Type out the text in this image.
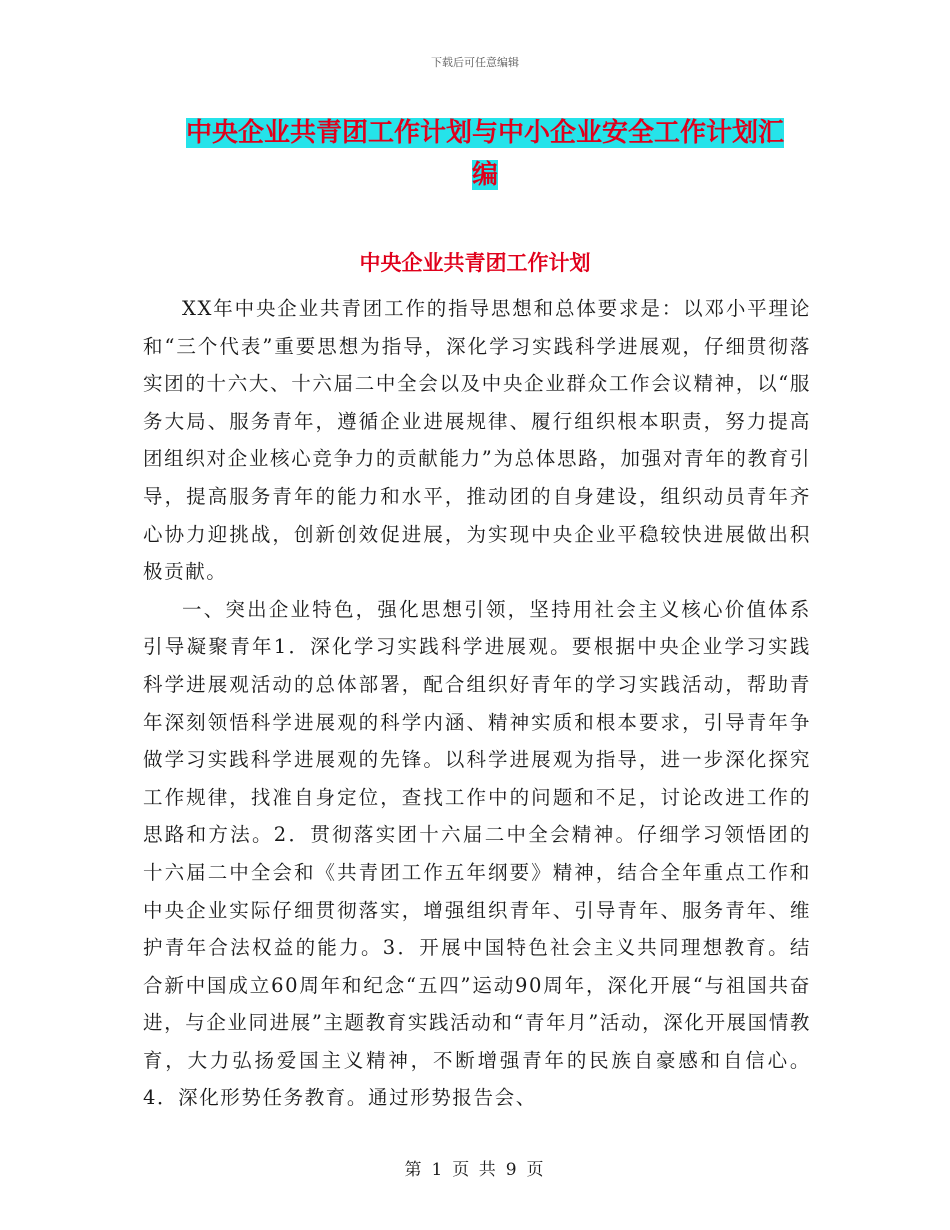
下载后可任意编辑
中央企业共青团工作计划与中小企业安全工作计划汇
编
中央企业共青团工作计划

XX年中央企业共青团工作的指导思想和总体要求是：以邓小平理论和“三个代表”重要思想为指导，深化学习实践科学进展观，仔细贯彻落实团的十六大、十六届二中全会以及中央企业群众工作会议精神，以“服务大局、服务青年，遵循企业进展规律、履行组织根本职责，努力提高团组织对企业核心竞争力的贡献能力”为总体思路，加强对青年的教育引导，提高服务青年的能力和水平，推动团的自身建设，组织动员青年齐心协力迎挑战，创新创效促进展，为实现中央企业平稳较快进展做出积极贡献。

一、突出企业特色，强化思想引领，坚持用社会主义核心价值体系引导凝聚青年1．深化学习实践科学进展观。要根据中央企业学习实践科学进展观活动的总体部署，配合组织好青年的学习实践活动，帮助青年深刻领悟科学进展观的科学内涵、精神实质和根本要求，引导青年争做学习实践科学进展观的先锋。以科学进展观为指导，进一步深化探究工作规律，找准自身定位，查找工作中的问题和不足，讨论改进工作的思路和方法。2．贯彻落实团十六届二中全会精神。仔细学习领悟团的十六届二中全会和《共青团工作五年纲要》精神，结合全年重点工作和中央企业实际仔细贯彻落实，增强组织青年、引导青年、服务青年、维护青年合法权益的能力。3．开展中国特色社会主义共同理想教育。结合新中国成立60周年和纪念“五四”运动90周年，深化开展“与祖国共奋进，与企业同进展”主题教育实践活动和“青年月”活动，深化开展国情教育，大力弘扬爱国主义精神，不断增强青年的民族自豪感和自信心。4．深化形势任务教育。通过形势报告会、

第 1 页 共 9 页
